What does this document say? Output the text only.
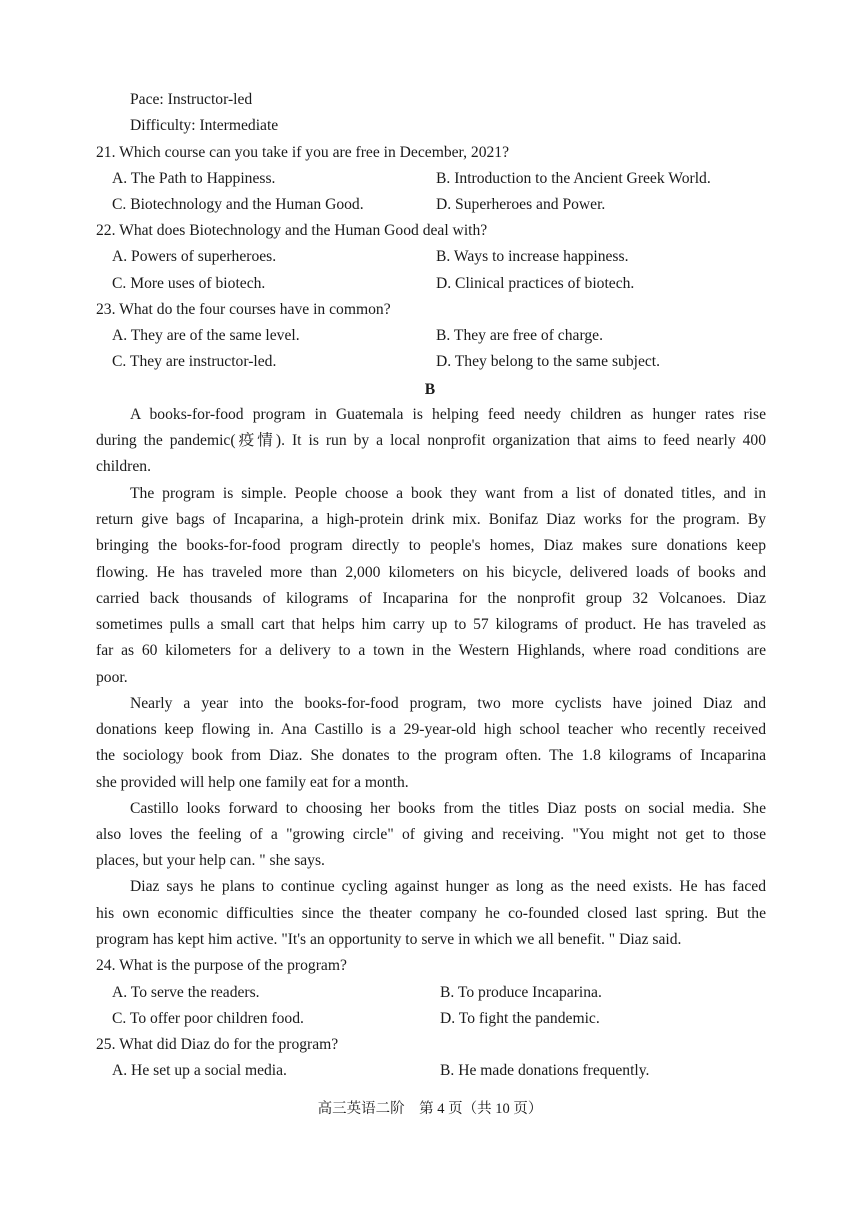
Pace: Instructor-led
Difficulty: Intermediate
21. Which course can you take if you are free in December, 2021?
A. The Path to Happiness.	B. Introduction to the Ancient Greek World.
C. Biotechnology and the Human Good.	D. Superheroes and Power.
22. What does Biotechnology and the Human Good deal with?
A. Powers of superheroes.	B. Ways to increase happiness.
C. More uses of biotech.	D. Clinical practices of biotech.
23. What do the four courses have in common?
A. They are of the same level.	B. They are free of charge.
C. They are instructor-led.	D. They belong to the same subject.
B
A books-for-food program in Guatemala is helping feed needy children as hunger rates rise
during the pandemic(疫情). It is run by a local nonprofit organization that aims to feed nearly 400
children.
The program is simple. People choose a book they want from a list of donated titles, and in
return give bags of Incaparina, a high-protein drink mix. Bonifaz Diaz works for the program. By
bringing the books-for-food program directly to people's homes, Diaz makes sure donations keep
flowing. He has traveled more than 2,000 kilometers on his bicycle, delivered loads of books and
carried back thousands of kilograms of Incaparina for the nonprofit group 32 Volcanoes. Diaz
sometimes pulls a small cart that helps him carry up to 57 kilograms of product. He has traveled as
far as 60 kilometers for a delivery to a town in the Western Highlands, where road conditions are
poor.
Nearly a year into the books-for-food program, two more cyclists have joined Diaz and
donations keep flowing in. Ana Castillo is a 29-year-old high school teacher who recently received
the sociology book from Diaz. She donates to the program often. The 1.8 kilograms of Incaparina
she provided will help one family eat for a month.
Castillo looks forward to choosing her books from the titles Diaz posts on social media. She
also loves the feeling of a "growing circle" of giving and receiving. "You might not get to those
places, but your help can. " she says.
Diaz says he plans to continue cycling against hunger as long as the need exists. He has faced
his own economic difficulties since the theater company he co-founded closed last spring. But the
program has kept him active. "It's an opportunity to serve in which we all benefit. " Diaz said.
24. What is the purpose of the program?
A. To serve the readers.	B. To produce Incaparina.
C. To offer poor children food.	D. To fight the pandemic.
25. What did Diaz do for the program?
A. He set up a social media.	B. He made donations frequently.
高三英语二阶　第 4 页（共 10 页）
